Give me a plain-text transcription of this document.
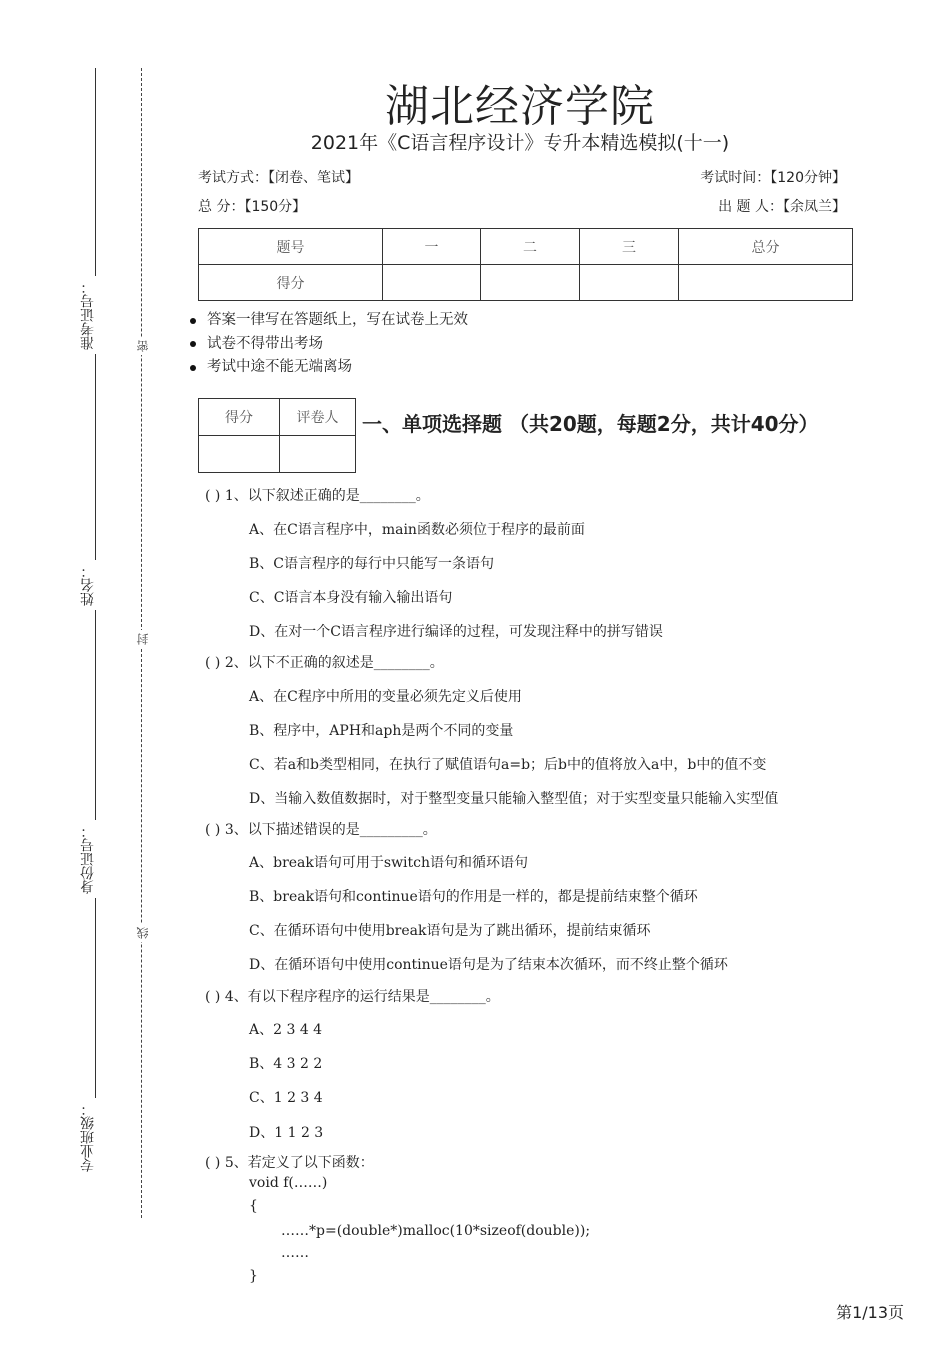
准考证号：
姓名：
身份证号：
专业班级：
密
封
线
湖北经济学院
2021年《C语言程序设计》专升本精选模拟(十一)
考试方式：【闭卷、笔试】	考试时间：【120分钟】
总 分：【150分】	出 题 人：【余凤兰】
题号	一	二	三	总分
得分				
答案一律写在答题纸上，写在试卷上无效
试卷不得带出考场
考试中途不能无端离场
得分	评卷人
	一、单项选择题 （共20题，每题2分，共计40分）
( ) 1、以下叙述正确的是________。
A、在C语言程序中，main函数必须位于程序的最前面
B、C语言程序的每行中只能写一条语句
C、C语言本身没有输入输出语句
D、在对一个C语言程序进行编译的过程，可发现注释中的拼写错误
( ) 2、以下不正确的叙述是________。
A、在C程序中所用的变量必须先定义后使用
B、程序中，APH和aph是两个不同的变量
C、若a和b类型相同，在执行了赋值语句a=b；后b中的值将放入a中，b中的值不变
D、当输入数值数据时，对于整型变量只能输入整型值；对于实型变量只能输入实型值
( ) 3、以下描述错误的是_________。
A、break语句可用于switch语句和循环语句
B、break语句和continue语句的作用是一样的，都是提前结束整个循环
C、在循环语句中使用break语句是为了跳出循环，提前结束循环
D、在循环语句中使用continue语句是为了结束本次循环，而不终止整个循环
( ) 4、有以下程序程序的运行结果是________。
A、2 3 4 4
B、4 3 2 2
C、1 2 3 4
D、1 1 2 3
( ) 5、若定义了以下函数：
void f(……)
{
……*p=(double*)malloc(10*sizeof(double));
……
}
第1/13页
